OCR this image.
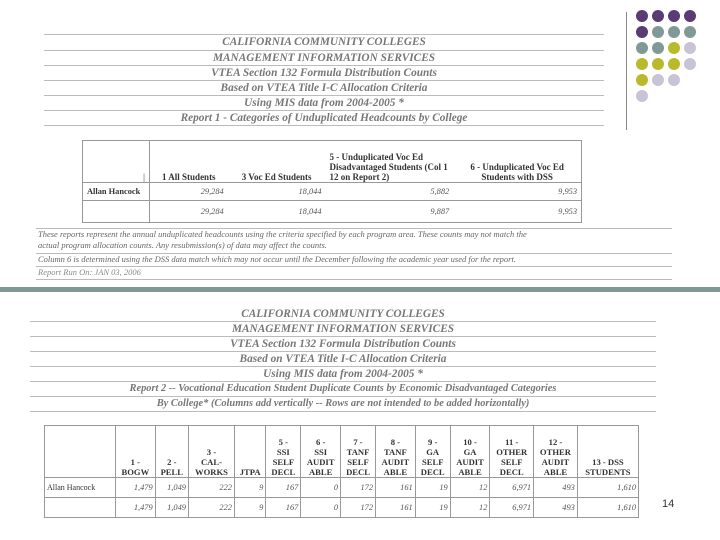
CALIFORNIA COMMUNITY COLLEGES
MANAGEMENT INFORMATION SERVICES
VTEA Section 132 Formula Distribution Counts
Based on VTEA Title I-C Allocation Criteria
Using MIS data from 2004-2005 *
Report 1 - Categories of Unduplicated Headcounts by College
|	1 All Students	3 Voc Ed Students	5 - Unduplicated Voc Ed Disadvantaged Students (Col 1 12 on Report 2)	6 - Unduplicated Voc Ed Students with DSS
Allan Hancock	29,284	18,044	5,882	9,953
	29,284	18,044	9,887	9,953
These reports represent the annual unduplicated headcounts using the criteria specified by each program area. These counts may not match the
actual program allocation counts. Any resubmission(s) of data may affect the counts.
Column 6 is determined using the DSS data match which may not occur until the December following the academic year used for the report.
Report Run On: JAN 03, 2006
CALIFORNIA COMMUNITY COLLEGES
MANAGEMENT INFORMATION SERVICES
VTEA Section 132 Formula Distribution Counts
Based on VTEA Title I-C Allocation Criteria
Using MIS data from 2004-2005 *
Report 2 -- Vocational Education Student Duplicate Counts by Economic Disadvantaged Categories
By College* (Columns add vertically -- Rows are not intended to be added horizontally)
	1 -
BOGW	2 -
PELL	3 -
CAL-
WORKS	JTPA	5 -
SSI
SELF
DECL	6 -
SSI
AUDIT
ABLE	7 -
TANF
SELF
DECL	8 -
TANF
AUDIT
ABLE	9 -
GA
SELF
DECL	10 -
GA
AUDIT
ABLE	11 -
OTHER
SELF
DECL	12 -
OTHER
AUDIT
ABLE	13 - DSS
STUDENTS
Allan Hancock	1,479	1,049	222	9	167	0	172	161	19	12	6,971	493	1,610
	1,479	1,049	222	9	167	0	172	161	19	12	6,971	493	1,610 14
